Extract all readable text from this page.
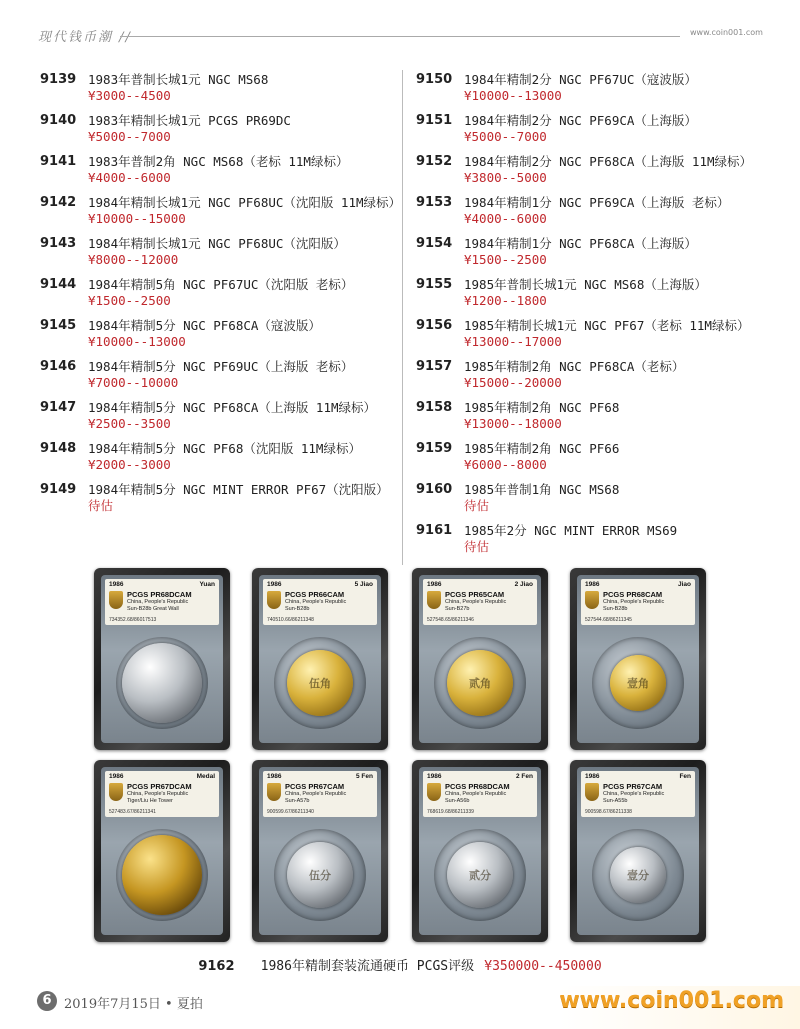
现代钱币潮 //	www.coin001.com
9139 1983年普制长城1元 NGC MS68
¥3000--4500
9140 1983年精制长城1元 PCGS PR69DC
¥5000--7000
9141 1983年普制2角 NGC MS68（老标 11M绿标）
¥4000--6000
9142 1984年精制长城1元 NGC PF68UC（沈阳版 11M绿标）
¥10000--15000
9143 1984年精制长城1元 NGC PF68UC（沈阳版）
¥8000--12000
9144 1984年精制5角 NGC PF67UC（沈阳版 老标）
¥1500--2500
9145 1984年精制5分 NGC PF68CA（寇波版）
¥10000--13000
9146 1984年精制5分 NGC PF69UC（上海版 老标）
¥7000--10000
9147 1984年精制5分 NGC PF68CA（上海版 11M绿标）
¥2500--3500
9148 1984年精制5分 NGC PF68（沈阳版 11M绿标）
¥2000--3000
9149 1984年精制5分 NGC MINT ERROR PF67（沈阳版）
待估
9150 1984年精制2分 NGC PF67UC（寇波版）
¥10000--13000
9151 1984年精制2分 NGC PF69CA（上海版）
¥5000--7000
9152 1984年精制2分 NGC PF68CA（上海版 11M绿标）
¥3800--5000
9153 1984年精制1分 NGC PF69CA（上海版 老标）
¥4000--6000
9154 1984年精制1分 NGC PF68CA（上海版）
¥1500--2500
9155 1985年普制长城1元 NGC MS68（上海版）
¥1200--1800
9156 1985年精制长城1元 NGC PF67（老标 11M绿标）
¥13000--17000
9157 1985年精制2角 NGC PF68CA（老标）
¥15000--20000
9158 1985年精制2角 NGC PF68
¥13000--18000
9159 1985年精制2角 NGC PF66
¥6000--8000
9160 1985年普制1角 NGC MS68
待估
9161 1985年2分 NGC MINT ERROR MS69
待估
1986	Yuan
PCGS PR68DCAM
China, People's Republic
Sun-B28b Great Wall
734352.68/86017513
1986	5 Jiao
PCGS PR66CAM
China, People's Republic
Sun-B28b
740510.66/86211348
伍角
1986	2 Jiao
PCGS PR65CAM
China, People's Republic
Sun-B27b
527548.65/86211346
贰角
1986	Jiao
PCGS PR68CAM
China, People's Republic
Sun-B28b
527544.68/86211345
壹角
1986	Medal
PCGS PR67DCAM
China, People's Republic
Tiger/Liu He Tower
527483.67/86211341
1986	5 Fen
PCGS PR67CAM
China, People's Republic
Sun-A57b
900599.67/86211340
伍分
1986	2 Fen
PCGS PR68DCAM
China, People's Republic
Sun-A56b
768619.68/86211339
贰分
1986	Fen
PCGS PR67CAM
China, People's Republic
Sun-A55b
900598.67/86211338
壹分
9162 1986年精制套装流通硬币 PCGS评级 ¥350000--450000
6 2019年7月15日 • 夏拍	www.coin001.com
